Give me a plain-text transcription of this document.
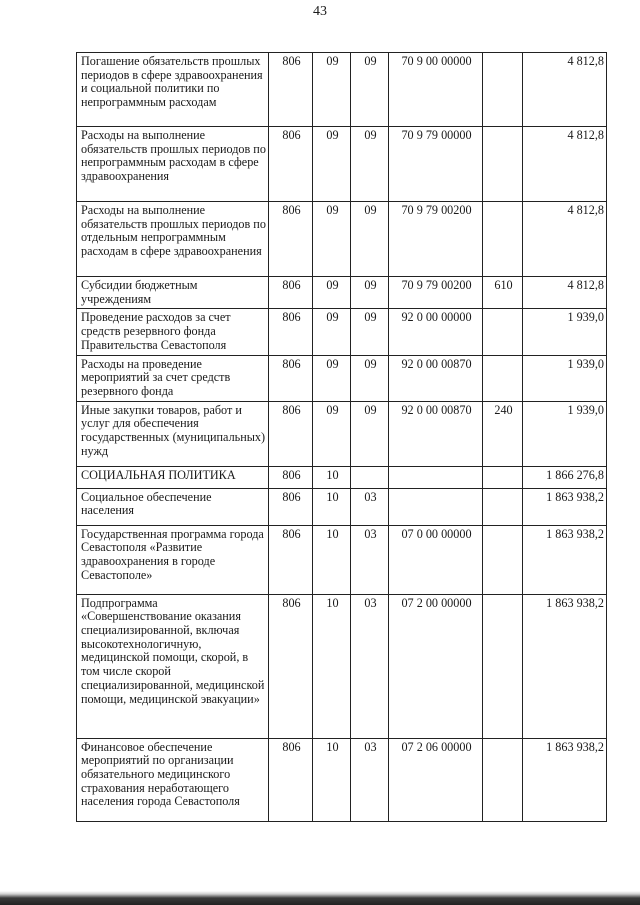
43
Погашение обязательств прошлых периодов в сфере здравоохранения и социальной политики по непрограммным расходам	806	09	09	70 9 00 00000		4 812,8
Расходы на выполнение обязательств прошлых периодов по непрограммным расходам в сфере здравоохранения	806	09	09	70 9 79 00000		4 812,8
Расходы на выполнение обязательств прошлых периодов по отдельным непрограммным расходам в сфере здравоохранения	806	09	09	70 9 79 00200		4 812,8
Субсидии бюджетным учреждениям	806	09	09	70 9 79 00200	610	4 812,8
Проведение расходов за счет средств резервного фонда Правительства Севастополя	806	09	09	92 0 00 00000		1 939,0
Расходы на проведение мероприятий за счет средств резервного фонда	806	09	09	92 0 00 00870		1 939,0
Иные закупки товаров, работ и услуг для обеспечения государственных (муниципальных) нужд	806	09	09	92 0 00 00870	240	1 939,0
СОЦИАЛЬНАЯ ПОЛИТИКА	806	10				1 866 276,8
Социальное обеспечение населения	806	10	03			1 863 938,2
Государственная программа города Севастополя «Развитие здравоохранения в городе Севастополе»	806	10	03	07 0 00 00000		1 863 938,2
Подпрограмма «Совершенствование оказания специализированной, включая высокотехнологичную, медицинской помощи, скорой, в том числе скорой специализированной, медицинской помощи, медицинской эвакуации»	806	10	03	07 2 00 00000		1 863 938,2
Финансовое обеспечение мероприятий по организации обязательного медицинского страхования неработающего населения города Севастополя	806	10	03	07 2 06 00000		1 863 938,2
